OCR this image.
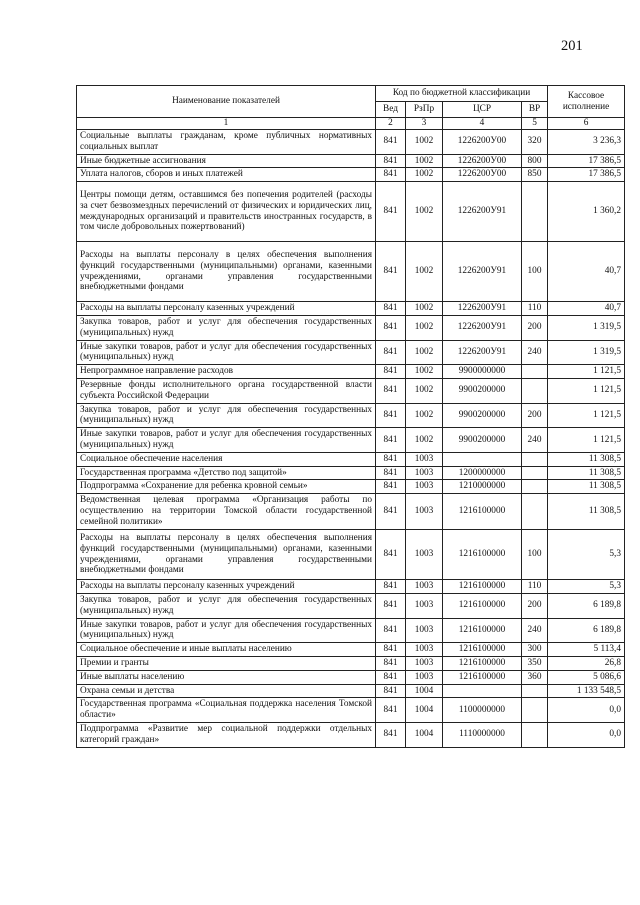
201
Наименование показателей	Код по бюджетной классификации				Кассовое
исполнение
	Вед	РзПр	ЦСР	ВР	
1	2	3	4	5	6
Социальные выплаты гражданам, кроме публичных нормативных социальных выплат	841	1002	1226200У00	320	3 236,3
Иные бюджетные ассигнования	841	1002	1226200У00	800	17 386,5
Уплата налогов, сборов и иных платежей	841	1002	1226200У00	850	17 386,5
Центры помощи детям, оставшимся без попечения родителей (расходы за счет безвозмездных перечислений от физических и юридических лиц, международных организаций и правительств иностранных государств, в том числе добровольных пожертвований)	841	1002	1226200У91		1 360,2
Расходы на выплаты персоналу в целях обеспечения выполнения функций государственными (муниципальными) органами, казенными учреждениями, органами управления государственными внебюджетными фондами	841	1002	1226200У91	100	40,7
Расходы на выплаты персоналу казенных учреждений	841	1002	1226200У91	110	40,7
Закупка товаров, работ и услуг для обеспечения государственных (муниципальных) нужд	841	1002	1226200У91	200	1 319,5
Иные закупки товаров, работ и услуг для обеспечения государственных (муниципальных) нужд	841	1002	1226200У91	240	1 319,5
Непрограммное направление расходов	841	1002	9900000000		1 121,5
Резервные фонды исполнительного органа государственной власти субъекта Российской Федерации	841	1002	9900200000		1 121,5
Закупка товаров, работ и услуг для обеспечения государственных (муниципальных) нужд	841	1002	9900200000	200	1 121,5
Иные закупки товаров, работ и услуг для обеспечения государственных (муниципальных) нужд	841	1002	9900200000	240	1 121,5
Социальное обеспечение населения	841	1003			11 308,5
Государственная программа «Детство под защитой»	841	1003	1200000000		11 308,5
Подпрограмма «Сохранение для ребенка кровной семьи»	841	1003	1210000000		11 308,5
Ведомственная целевая программа «Организация работы по осуществлению на территории Томской области государственной семейной политики»	841	1003	1216100000		11 308,5
Расходы на выплаты персоналу в целях обеспечения выполнения функций государственными (муниципальными) органами, казенными учреждениями, органами управления государственными внебюджетными фондами	841	1003	1216100000	100	5,3
Расходы на выплаты персоналу казенных учреждений	841	1003	1216100000	110	5,3
Закупка товаров, работ и услуг для обеспечения государственных (муниципальных) нужд	841	1003	1216100000	200	6 189,8
Иные закупки товаров, работ и услуг для обеспечения государственных (муниципальных) нужд	841	1003	1216100000	240	6 189,8
Социальное обеспечение и иные выплаты населению	841	1003	1216100000	300	5 113,4
Премии и гранты	841	1003	1216100000	350	26,8
Иные выплаты населению	841	1003	1216100000	360	5 086,6
Охрана семьи и детства	841	1004			1 133 548,5
Государственная программа «Социальная поддержка населения Томской области»	841	1004	1100000000		0,0
Подпрограмма «Развитие мер социальной поддержки отдельных категорий граждан»	841	1004	1110000000		0,0
